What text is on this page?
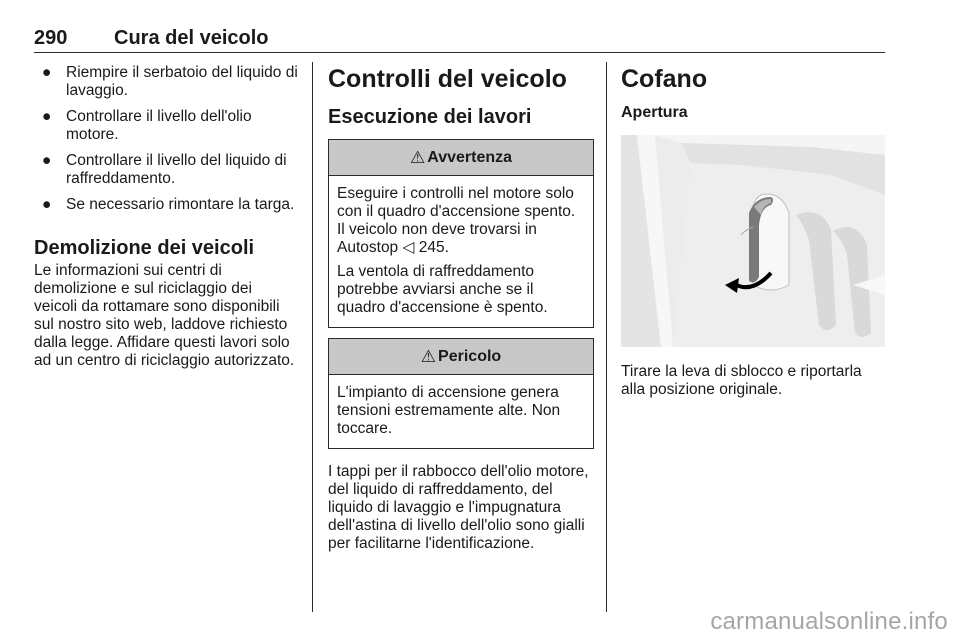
290 Cura del veicolo
● Riempire il serbatoio del liquido di lavaggio.
● Controllare il livello dell'olio motore.
● Controllare il livello del liquido di raffreddamento.
● Se necessario rimontare la targa.
Demolizione dei veicoli

Le informazioni sui centri di demolizione e sul riciclaggio dei veicoli da rottamare sono disponibili sul nostro sito web, laddove richiesto dalla legge. Affidare questi lavori solo ad un centro di riciclaggio autorizzato.

Controlli del veicolo
Esecuzione dei lavori
⚠ Avvertenza

Eseguire i controlli nel motore solo con il quadro d'accensione spento. Il veicolo non deve trovarsi in Autostop ◁ 245.

La ventola di raffreddamento potrebbe avviarsi anche se il quadro d'accensione è spento.

⚠ Pericolo

L'impianto di accensione genera tensioni estremamente alte. Non toccare.

I tappi per il rabbocco dell'olio motore, del liquido di raffreddamento, del liquido di lavaggio e l'impugnatura dell'astina di livello dell'olio sono gialli per facilitarne l'identificazione.

Cofano
Apertura

Tirare la leva di sblocco e riportarla alla posizione originale.

carmanualsonline.info
